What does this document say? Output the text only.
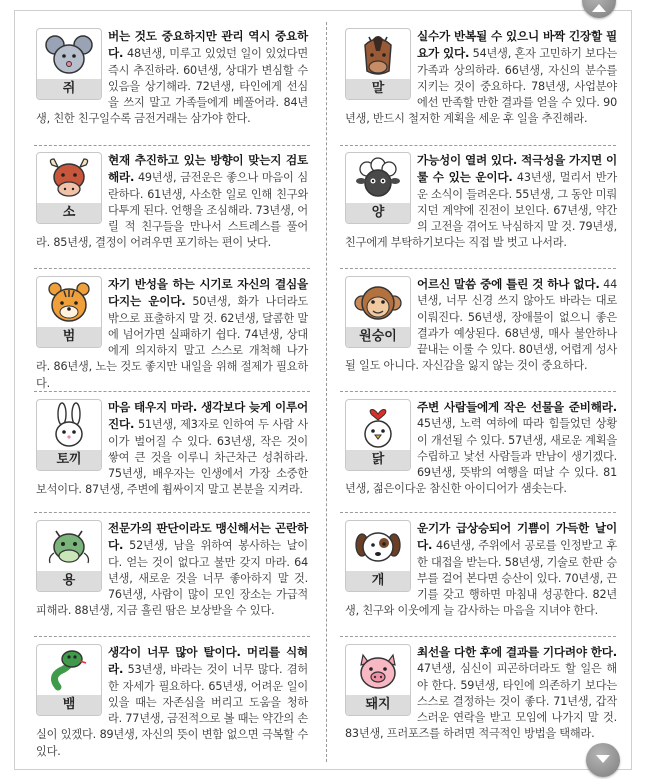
쥐

버는 것도 중요하지만 관리 역시 중요하다. 48년생, 미루고 있었던 일이 있었다면 즉시 추진하라. 60년생, 상대가 변심할 수 있음을 상기해라. 72년생, 타인에게 선심을 쓰지 말고 가족들에게 베풀어라. 84년생, 친한 친구일수록 금전거래는 삼가야 한다.

소

현재 추진하고 있는 방향이 맞는지 검토해라. 49년생, 금전운은 좋으나 마음이 심란하다. 61년생, 사소한 일로 인해 친구와 다투게 된다. 언행을 조심해라. 73년생, 어릴 적 친구들을 만나서 스트레스를 풀어라. 85년생, 결정이 어려우면 포기하는 편이 낫다.

범

자기 반성을 하는 시기로 자신의 결심을 다지는 운이다. 50년생, 화가 나더라도 밖으로 표출하지 말 것. 62년생, 달콤한 말에 넘어가면 실패하기 쉽다. 74년생, 상대에게 의지하지 말고 스스로 개척해 나가라. 86년생, 노는 것도 좋지만 내일을 위해 절제가 필요하다.

토끼

마음 태우지 마라. 생각보다 늦게 이루어진다. 51년생, 제3자로 인하여 두 사람 사이가 벌어질 수 있다. 63년생, 작은 것이 쌓여 큰 것을 이루니 차근차근 성취하라. 75년생, 배우자는 인생에서 가장 소중한 보석이다. 87년생, 주변에 휩싸이지 말고 본분을 지켜라.

용

전문가의 판단이라도 맹신해서는 곤란하다. 52년생, 남을 위하여 봉사하는 날이다. 얻는 것이 없다고 불만 갖지 마라. 64년생, 새로운 것을 너무 좋아하지 말 것. 76년생, 사람이 많이 모인 장소는 가급적 피해라. 88년생, 지금 흘린 땀은 보상받을 수 있다.

뱀

생각이 너무 많아 탈이다. 머리를 식혀라. 53년생, 바라는 것이 너무 많다. 겸허한 자세가 필요하다. 65년생, 어려운 일이 있을 때는 자존심을 버리고 도움을 청하라. 77년생, 금전적으로 볼 때는 약간의 손실이 있겠다. 89년생, 자신의 뜻이 변함 없으면 극복할 수 있다.

말

실수가 반복될 수 있으니 바짝 긴장할 필요가 있다. 54년생, 혼자 고민하기 보다는 가족과 상의하라. 66년생, 자신의 분수를 지키는 것이 중요하다. 78년생, 사업분야에선 만족할 만한 결과를 얻을 수 있다. 90년생, 반드시 철저한 계획을 세운 후 일을 추진해라.

양

가능성이 열려 있다. 적극성을 가지면 이룰 수 있는 운이다. 43년생, 멀리서 반가운 소식이 들려온다. 55년생, 그 동안 미뤄지던 계약에 진전이 보인다. 67년생, 약간의 고전을 겪어도 낙심하지 말 것. 79년생, 친구에게 부탁하기보다는 직접 발 벗고 나서라.

원숭이

어르신 말씀 중에 틀린 것 하나 없다. 44년생, 너무 신경 쓰지 않아도 바라는 대로 이뤄진다. 56년생, 장애물이 없으니 좋은 결과가 예상된다. 68년생, 매사 불안하나 끝내는 이룰 수 있다. 80년생, 어렵게 성사될 일도 아니다. 자신감을 잃지 않는 것이 중요하다.

닭

주변 사람들에게 작은 선물을 준비해라. 45년생, 노력 여하에 따라 힘들었던 상황이 개선될 수 있다. 57년생, 새로운 계획을 수립하고 낯선 사람들과 만남이 생기겠다. 69년생, 뜻밖의 여행을 떠날 수 있다. 81년생, 젊은이다운 참신한 아이디어가 샘솟는다.

개

운기가 급상승되어 기쁨이 가득한 날이다. 46년생, 주위에서 공로를 인정받고 후한 대접을 받는다. 58년생, 기술로 한판 승부를 걸어 본다면 승산이 있다. 70년생, 끈기를 갖고 행하면 마침내 성공한다. 82년생, 친구와 이웃에게 늘 감사하는 마음을 지녀야 한다.

돼지

최선을 다한 후에 결과를 기다려야 한다. 47년생, 심신이 피곤하더라도 할 일은 해야 한다. 59년생, 타인에 의존하기 보다는 스스로 결정하는 것이 좋다. 71년생, 갑작스러운 연락을 받고 모임에 나가지 말 것. 83년생, 프러포즈를 하려면 적극적인 방법을 택해라.
